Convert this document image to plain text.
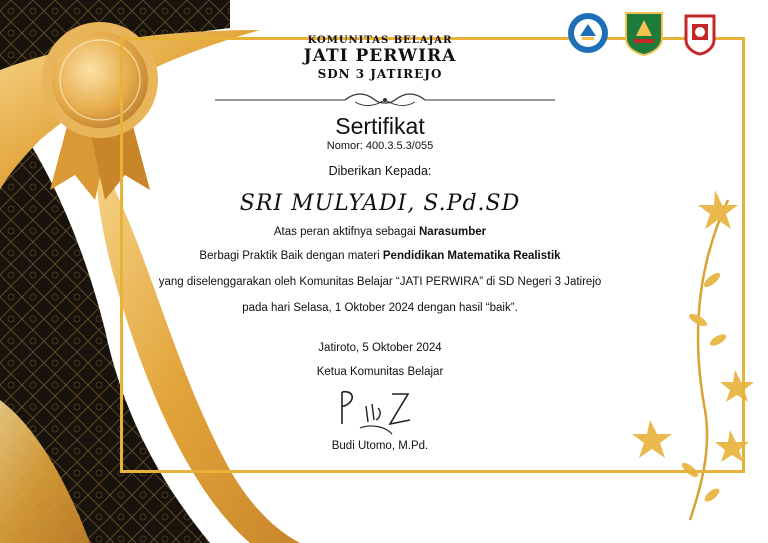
KOMUNITAS BELAJAR
JATI PERWIRA
SDN 3 JATIREJO
Sertifikat
Nomor: 400.3.5.3/055
Diberikan Kepada:
SRI MULYADI, S.Pd.SD
Atas peran aktifnya sebagai Narasumber
Berbagi Praktik Baik dengan materi Pendidikan Matematika Realistik
yang diselenggarakan oleh Komunitas Belajar “JATI PERWIRA” di SD Negeri 3 Jatirejo
pada hari Selasa, 1 Oktober 2024 dengan hasil “baik”.
Jatiroto, 5 Oktober 2024
Ketua Komunitas Belajar
Budi Utomo, M.Pd.
